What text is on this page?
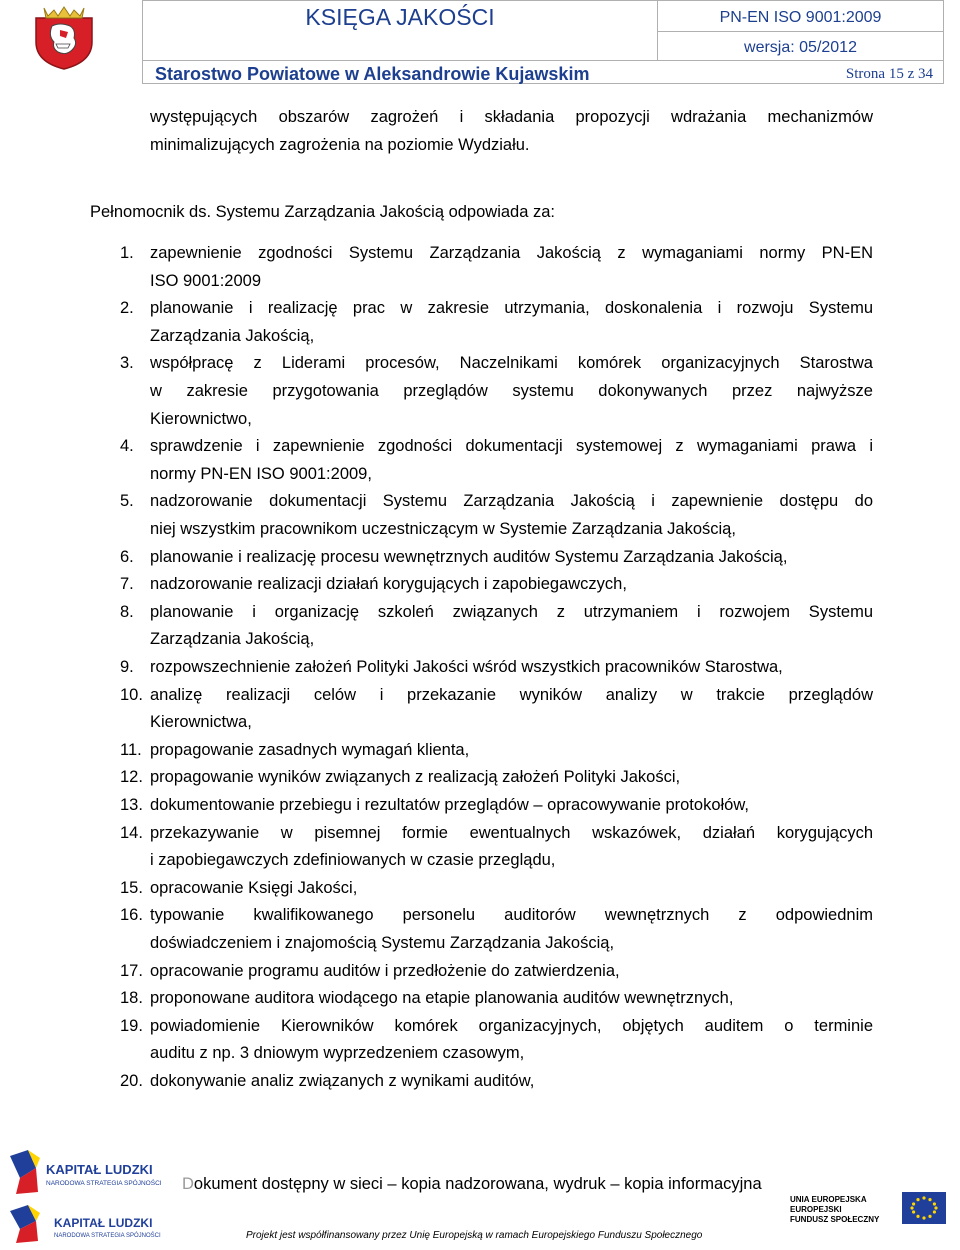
KSIĘGA JAKOŚCI	PN-EN ISO 9001:2009
wersja: 05/2012
Starostwo Powiatowe w Aleksandrowie Kujawskim	Strona 15 z 34
występujących obszarów zagrożeń i składania propozycji wdrażania mechanizmów
minimalizujących zagrożenia na poziomie Wydziału.
Pełnomocnik ds. Systemu Zarządzania Jakością odpowiada za:
1. zapewnienie zgodności Systemu Zarządzania Jakością z wymaganiami normy PN-EN
ISO 9001:2009
2. planowanie i realizację prac w zakresie utrzymania, doskonalenia i rozwoju Systemu
Zarządzania Jakością,
3. współpracę z Liderami procesów, Naczelnikami komórek organizacyjnych Starostwa
w zakresie przygotowania przeglądów systemu dokonywanych przez najwyższe
Kierownictwo,
4. sprawdzenie i zapewnienie zgodności dokumentacji systemowej z wymaganiami prawa i
normy PN-EN ISO 9001:2009,
5. nadzorowanie dokumentacji Systemu Zarządzania Jakością i zapewnienie dostępu do
niej wszystkim pracownikom uczestniczącym w Systemie Zarządzania Jakością,
6. planowanie i realizację procesu wewnętrznych auditów Systemu Zarządzania Jakością,
7. nadzorowanie realizacji działań korygujących i zapobiegawczych,
8. planowanie i organizację szkoleń związanych z utrzymaniem i rozwojem Systemu
Zarządzania Jakością,
9. rozpowszechnienie założeń Polityki Jakości wśród wszystkich pracowników Starostwa,
10. analizę realizacji celów i przekazanie wyników analizy w trakcie przeglądów
Kierownictwa,
11. propagowanie zasadnych wymagań klienta,
12. propagowanie wyników związanych z realizacją założeń Polityki Jakości,
13. dokumentowanie przebiegu i rezultatów przeglądów – opracowywanie protokołów,
14. przekazywanie w pisemnej formie ewentualnych wskazówek, działań korygujących
i zapobiegawczych zdefiniowanych w czasie przeglądu,
15. opracowanie Księgi Jakości,
16. typowanie kwalifikowanego personelu auditorów wewnętrznych z odpowiednim
doświadczeniem i znajomością Systemu Zarządzania Jakością,
17. opracowanie programu auditów i przedłożenie do zatwierdzenia,
18. proponowane auditora wiodącego na etapie planowania auditów wewnętrznych,
19. powiadomienie Kierowników komórek organizacyjnych, objętych auditem o terminie
auditu z np. 3 dniowym wyprzedzeniem czasowym,
20. dokonywanie analiz związanych z wynikami auditów,
KAPITAŁ LUDZKI
NARODOWA STRATEGIA SPÓJNOŚCI
KAPITAŁ LUDZKI
NARODOWA STRATEGIA SPÓJNOŚCI
Dokument dostępny w sieci – kopia nadzorowana, wydruk – kopia informacyjna
UNIA EUROPEJSKA
EUROPEJSKI
FUNDUSZ SPOŁECZNY
Projekt jest współfinansowany przez Unię Europejską w ramach Europejskiego Funduszu Społecznego
